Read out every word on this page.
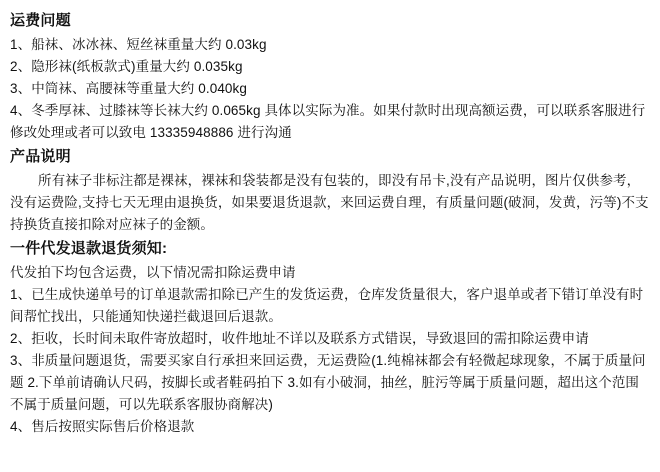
运费问题

1、船袜、冰冰袜、短丝袜重量大约 0.03kg

2、隐形袜(纸板款式)重量大约 0.035kg

3、中筒袜、高腰袜等重量大约 0.040kg

4、冬季厚袜、过膝袜等长袜大约 0.065kg 具体以实际为准。如果付款时出现高额运费，可以联系客服进行修改处理或者可以致电 13335948886 进行沟通

产品说明

所有袜子非标注都是裸袜，裸袜和袋装都是没有包装的，即没有吊卡,没有产品说明，图片仅供参考，没有运费险,支持七天无理由退换货，如果要退货退款，来回运费自理，有质量问题(破洞，发黄，污等)不支持换货直接扣除对应袜子的金额。

一件代发退款退货须知:

代发拍下均包含运费，以下情况需扣除运费申请

1、已生成快递单号的订单退款需扣除已产生的发货运费，仓库发货量很大，客户退单或者下错订单没有时间帮忙找出，只能通知快递拦截退回后退款。

2、拒收，长时间未取件寄放超时，收件地址不详以及联系方式错误，导致退回的需扣除运费申请

3、非质量问题退货，需要买家自行承担来回运费，无运费险(1.纯棉袜都会有轻微起球现象，不属于质量问题 2.下单前请确认尺码，按脚长或者鞋码拍下 3.如有小破洞，抽丝，脏污等属于质量问题，超出这个范围不属于质量问题，可以先联系客服协商解决)

4、售后按照实际售后价格退款
